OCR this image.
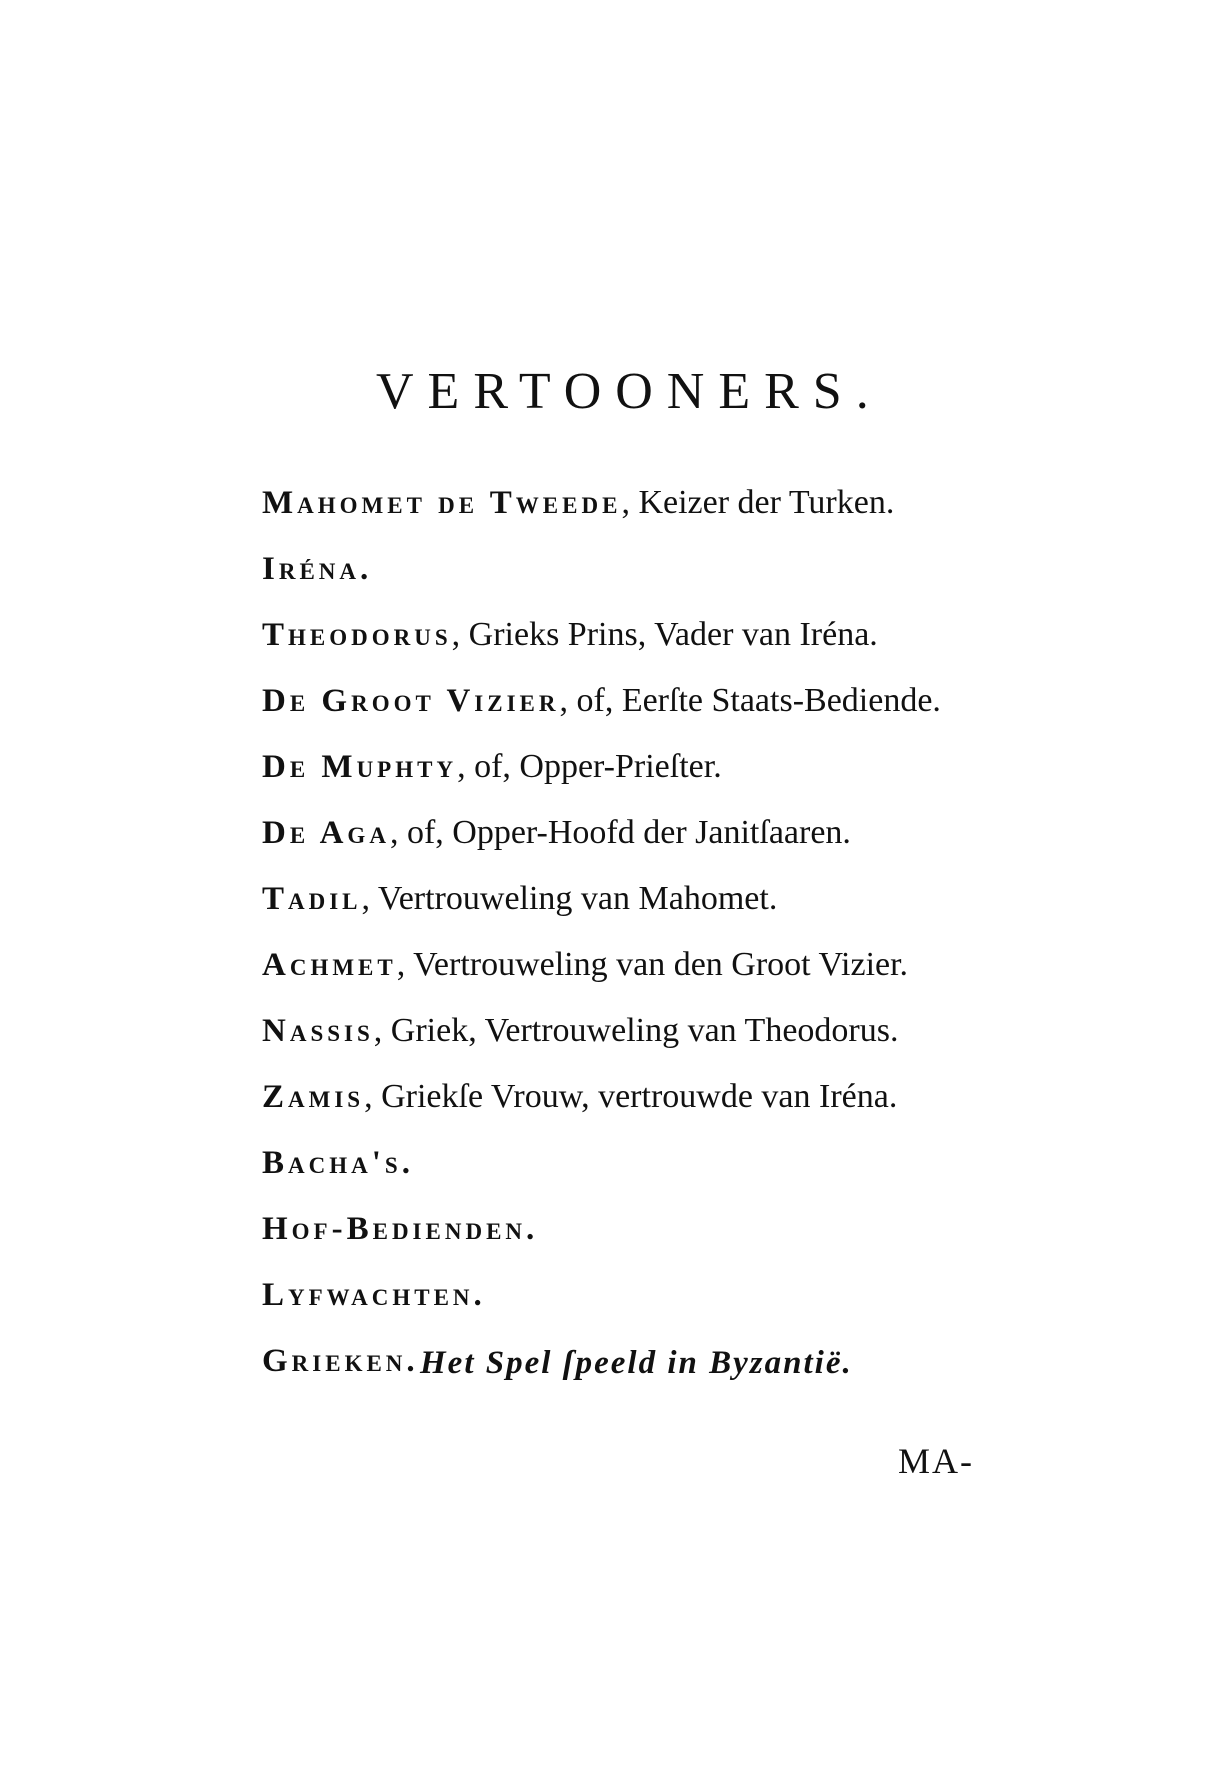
VERTOONERS.
Mahomet de Tweede, Keizer der Turken.
Iréna.
Theodorus, Grieks Prins, Vader van Iréna.
De Groot Vizier, of, Eerſte Staats-Bediende.
De Muphty, of, Opper-Prieſter.
De Aga, of, Opper-Hoofd der Janitſaaren.
Tadil, Vertrouweling van Mahomet.
Achmet, Vertrouweling van den Groot Vizier.
Nassis, Griek, Vertrouweling van Theodorus.
Zamis, Griekſe Vrouw, vertrouwde van Iréna.
Bacha's.
Hof-Bedienden.
Lyfwachten.
Grieken. Het Spel ſpeeld in Byzantië.

MA-
